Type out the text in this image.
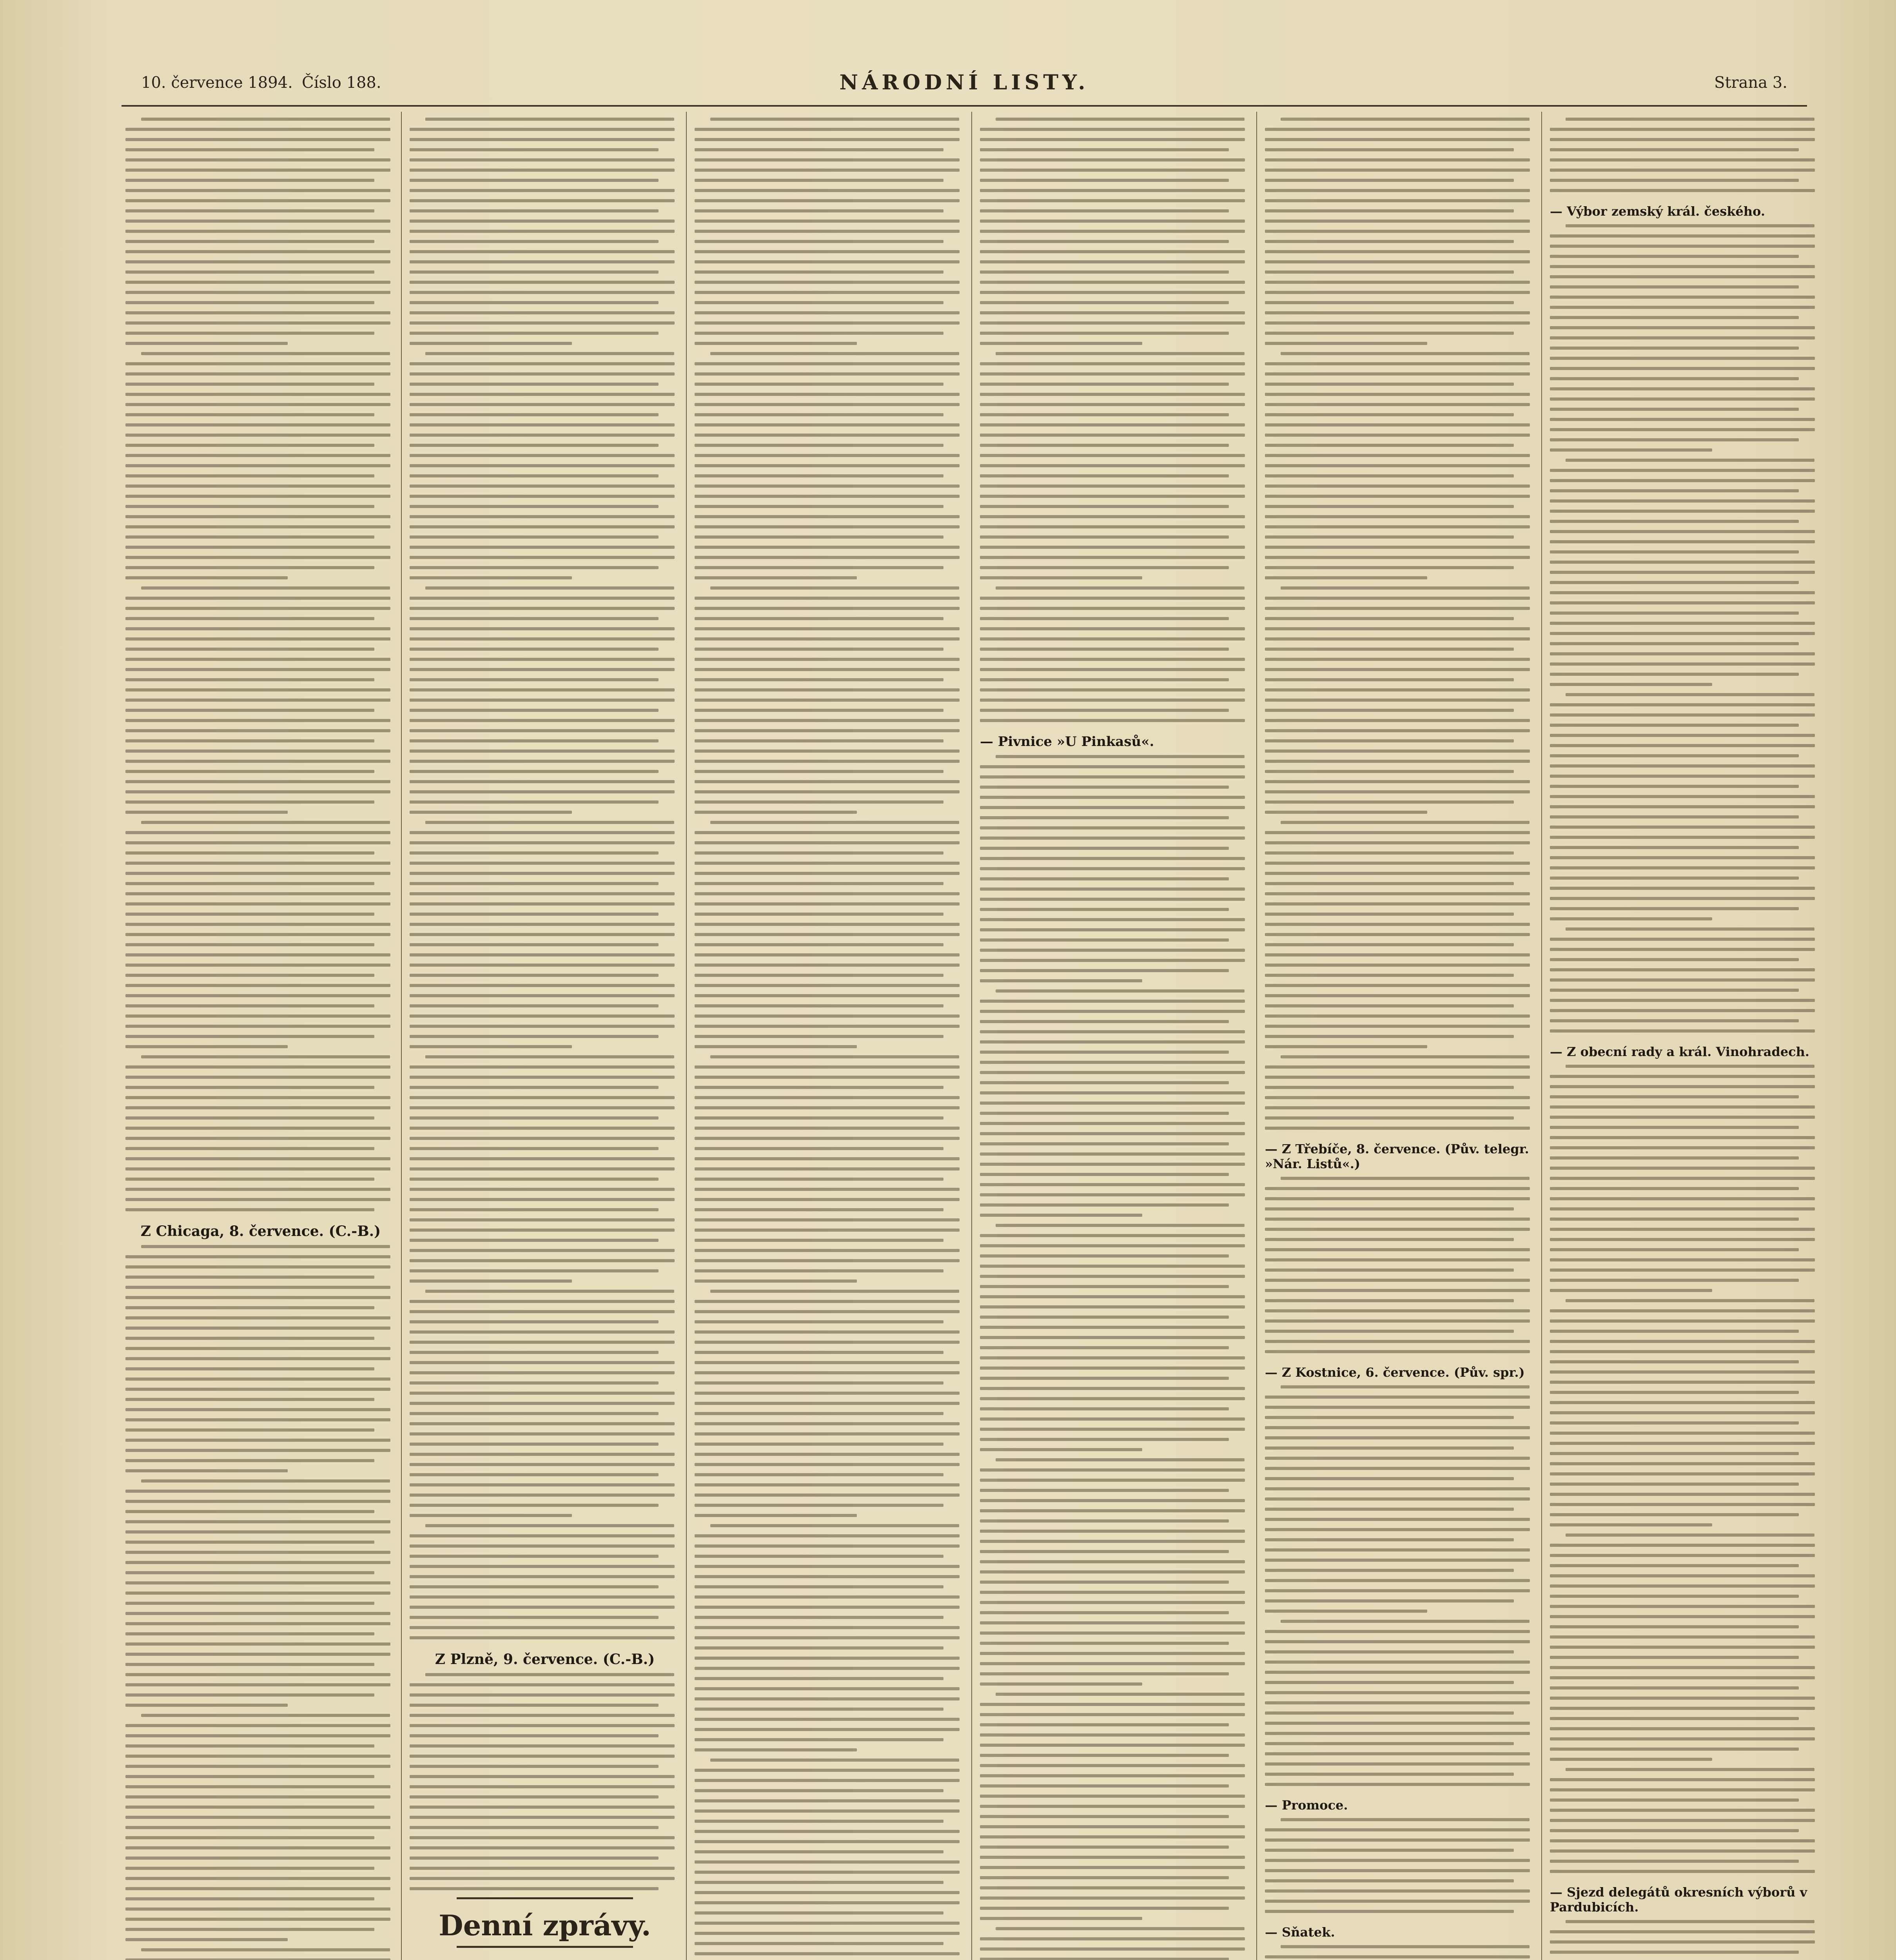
10. července 1894. Číslo 188.	NÁRODNÍ LISTY.	Strana 3.
Z Chicaga, 8. července. (C.-B.)
Z Plzně, 9. července. (C.-B.)
Denní zprávy.
— Pivnice »U Pinkasů«.
— Z Třebíče, 8. července. (Pův. telegr. »Nár. Listů«.)
— Z Kostnice, 6. července. (Pův. spr.)
— Promoce.
— Sňatek.
— Výbor zemský král. českého.
— Z obecní rady a král. Vinohradech.
— Sjezd delegátů okresních výborů v Pardubicích.
